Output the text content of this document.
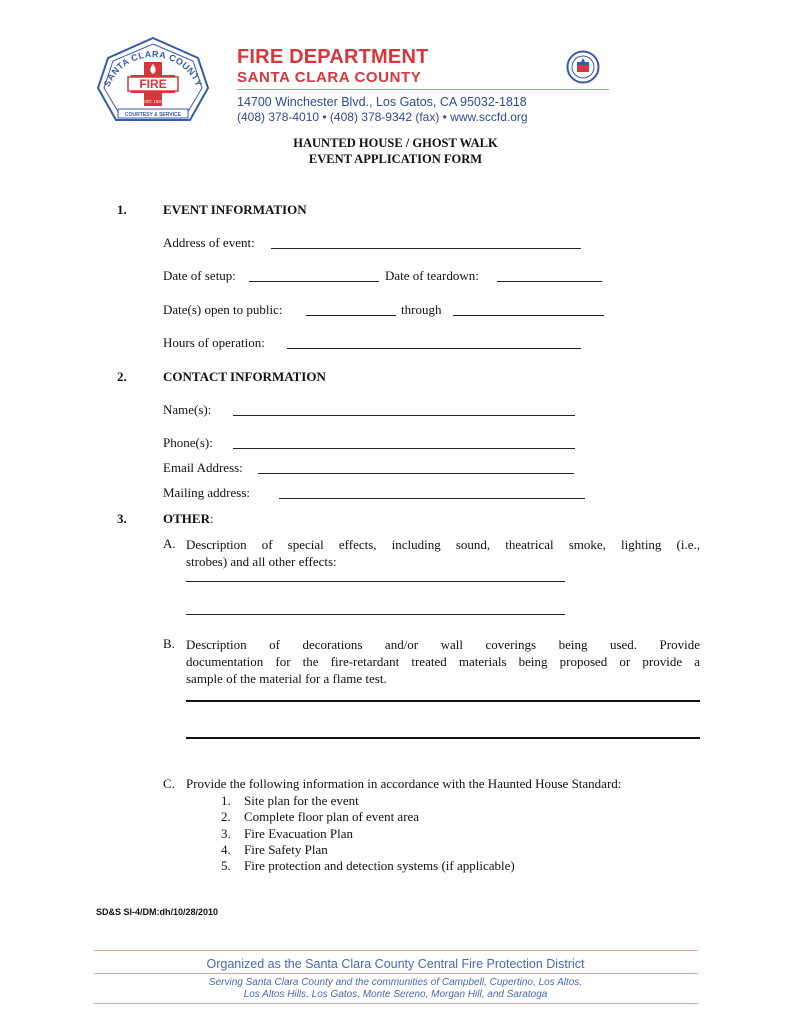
SANTA CLARA COUNTY
FIRE
EST. 1947
COURTESY & SERVICE
FIRE DEPARTMENT
SANTA CLARA COUNTY
14700 Winchester Blvd., Los Gatos, CA 95032-1818
(408) 378-4010 • (408) 378-9342 (fax) • www.sccfd.org
HAUNTED HOUSE / GHOST WALK
EVENT APPLICATION FORM
1.	EVENT INFORMATION
Address of event:
Date of setup:	Date of teardown:
Date(s) open to public:	through
Hours of operation:
2.	CONTACT INFORMATION
Name(s):
Phone(s):
Email Address:
Mailing address:
3.	OTHER:
A. Description of special effects, including sound, theatrical smoke, lighting (i.e.,
strobes) and all other effects:
B. Description of decorations and/or wall coverings being used. Provide
documentation for the fire-retardant treated materials being proposed or provide a
sample of the material for a flame test.
C. Provide the following information in accordance with the Haunted House Standard:
1. Site plan for the event
2. Complete floor plan of event area
3. Fire Evacuation Plan
4. Fire Safety Plan
5. Fire protection and detection systems (if applicable)
SD&S SI-4/DM:dh/10/28/2010
Organized as the Santa Clara County Central Fire Protection District
Serving Santa Clara County and the communities of Campbell, Cupertino, Los Altos,
Los Altos Hills, Los Gatos, Monte Sereno, Morgan Hill, and Saratoga
